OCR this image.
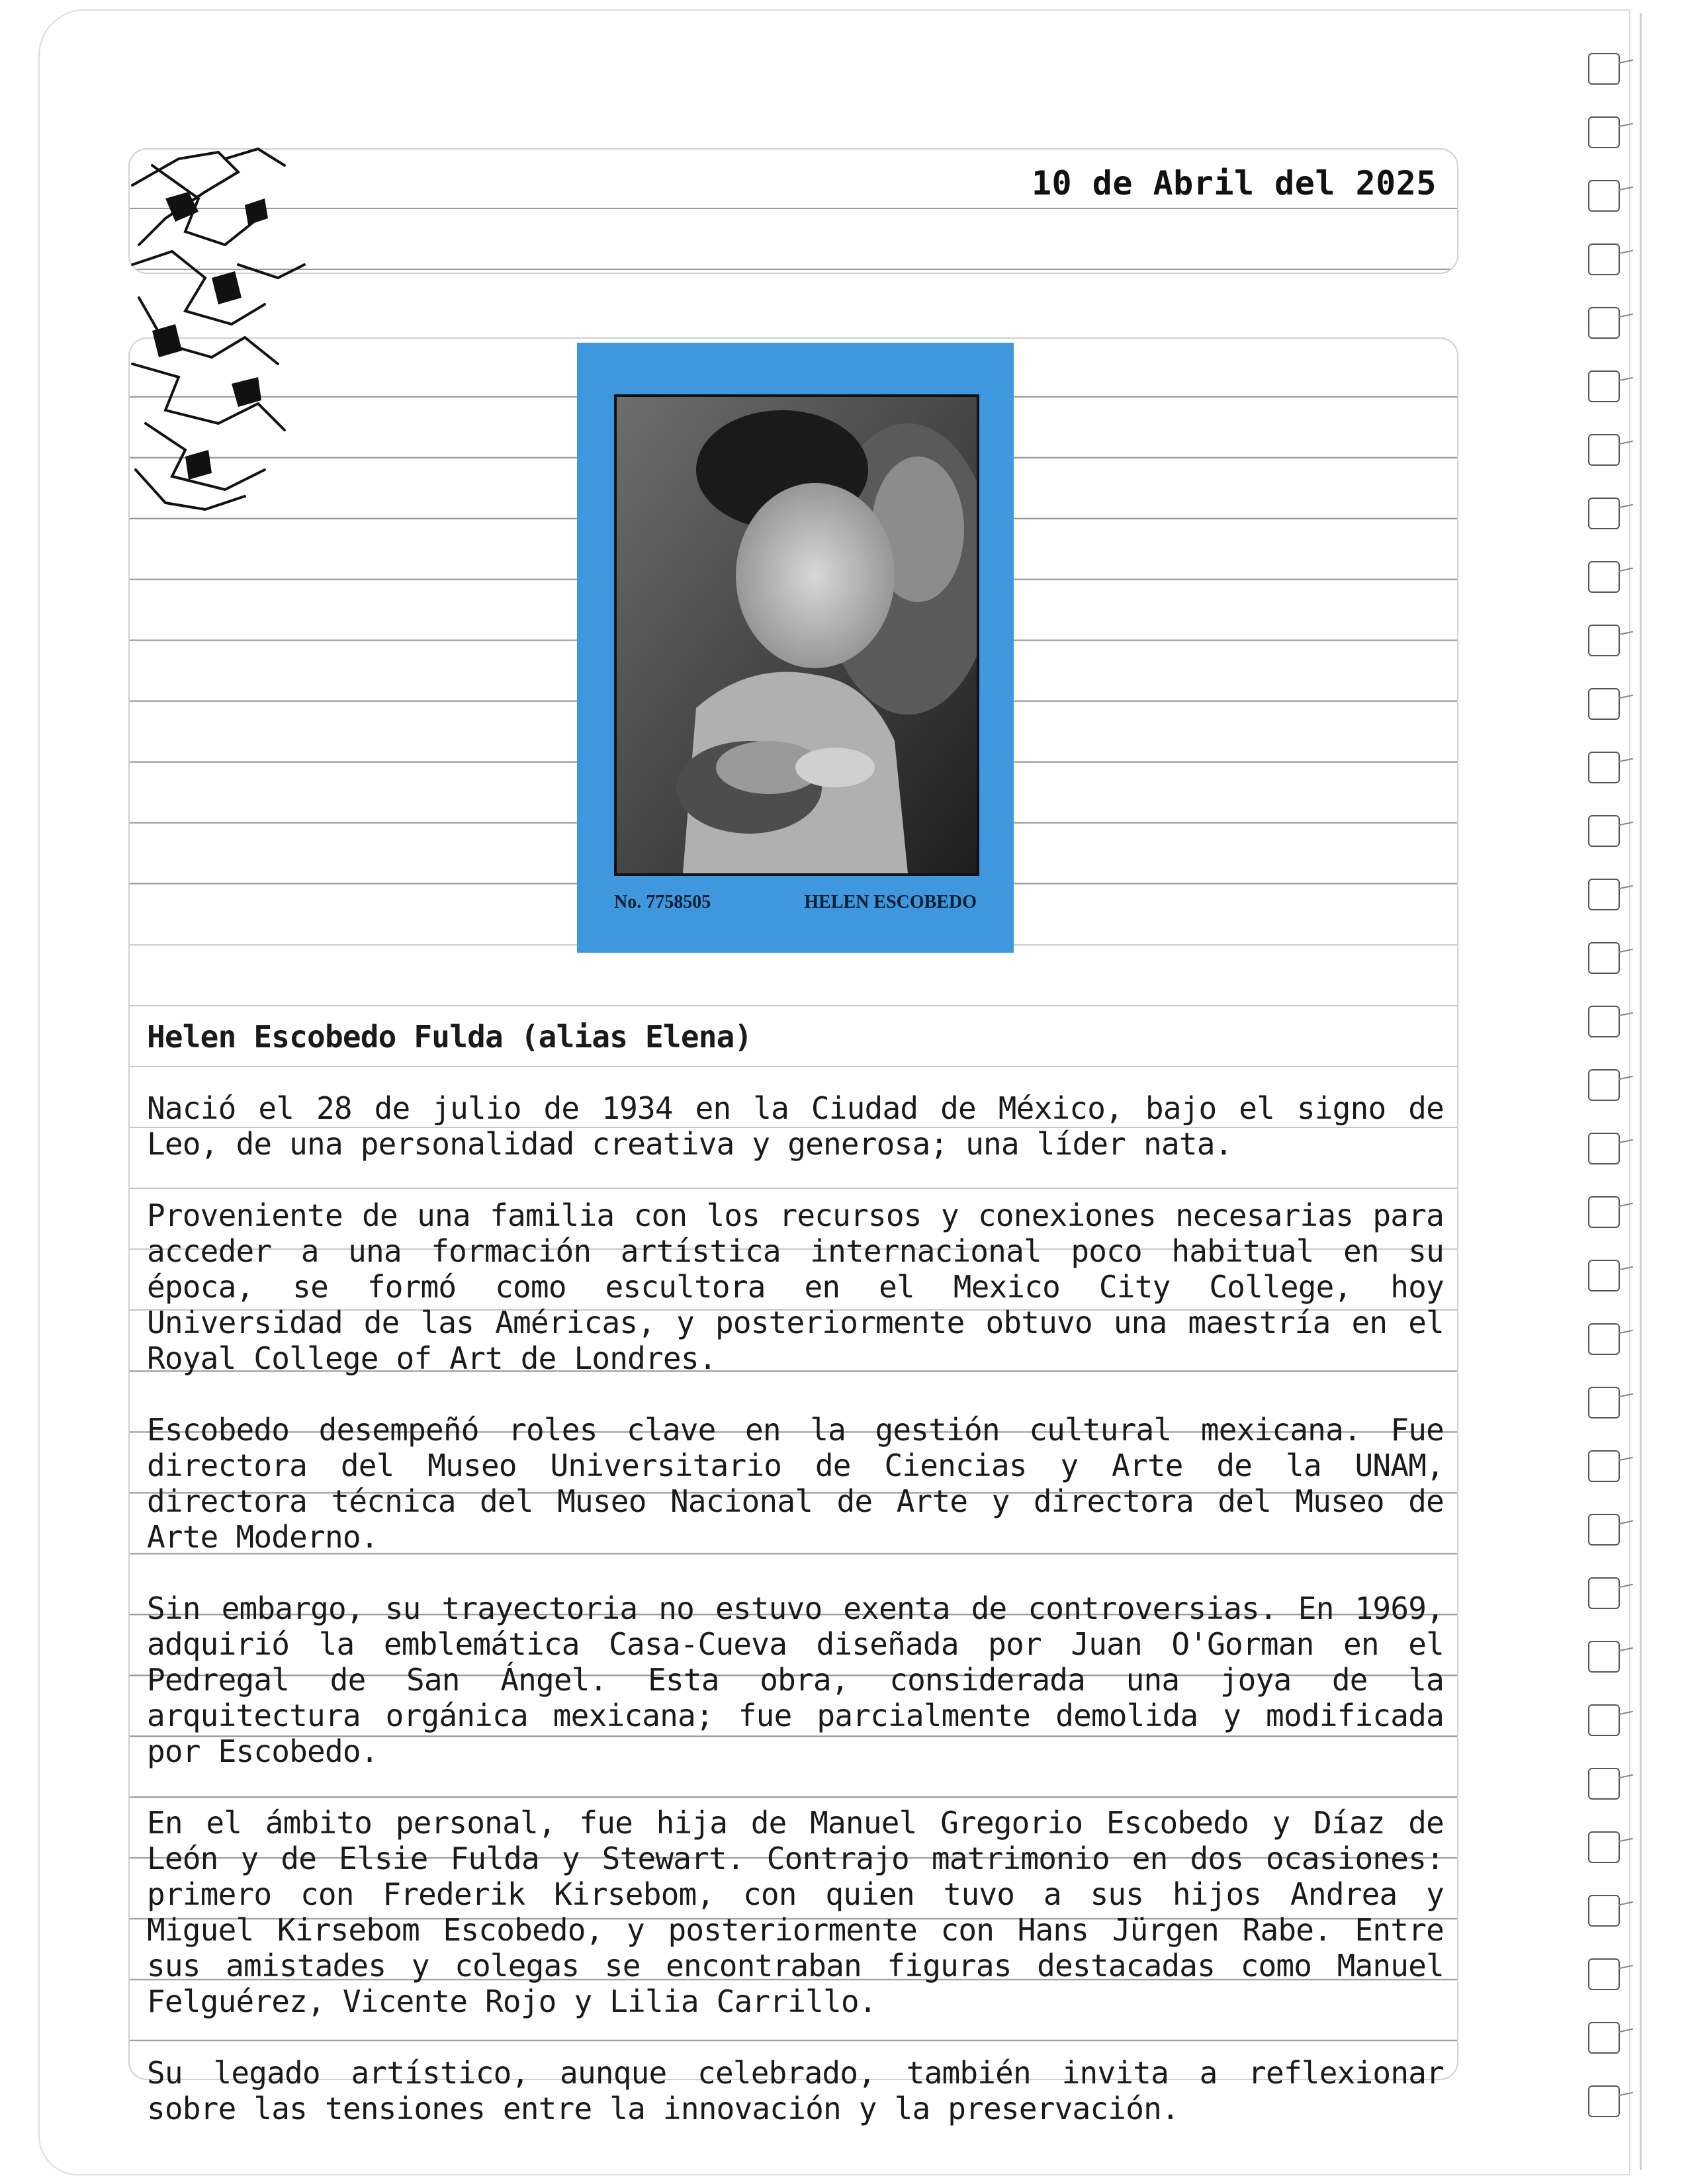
10 de Abril del 2025
No. 7758505	HELEN ESCOBEDO
Helen Escobedo Fulda (alias Elena)

Nació el 28 de julio de 1934 en la Ciudad de México, bajo el signo de Leo, de una personalidad creativa y generosa; una líder nata.

Proveniente de una familia con los recursos y conexiones necesarias para acceder a una formación artística internacional poco habitual en su época, se formó como escultora en el Mexico City College, hoy Universidad de las Américas, y posteriormente obtuvo una maestría en el Royal College of Art de Londres.

Escobedo desempeñó roles clave en la gestión cultural mexicana. Fue directora del Museo Universitario de Ciencias y Arte de la UNAM, directora técnica del Museo Nacional de Arte y directora del Museo de Arte Moderno.

Sin embargo, su trayectoria no estuvo exenta de controversias. En 1969, adquirió la emblemática Casa-Cueva diseñada por Juan O'Gorman en el Pedregal de San Ángel. Esta obra, considerada una joya de la arquitectura orgánica mexicana; fue parcialmente demolida y modificada por Escobedo.

En el ámbito personal, fue hija de Manuel Gregorio Escobedo y Díaz de León y de Elsie Fulda y Stewart. Contrajo matrimonio en dos ocasiones: primero con Frederik Kirsebom, con quien tuvo a sus hijos Andrea y Miguel Kirsebom Escobedo, y posteriormente con Hans Jürgen Rabe. Entre sus amistades y colegas se encontraban figuras destacadas como Manuel Felguérez, Vicente Rojo y Lilia Carrillo.

Su legado artístico, aunque celebrado, también invita a reflexionar sobre las tensiones entre la innovación y la preservación.
